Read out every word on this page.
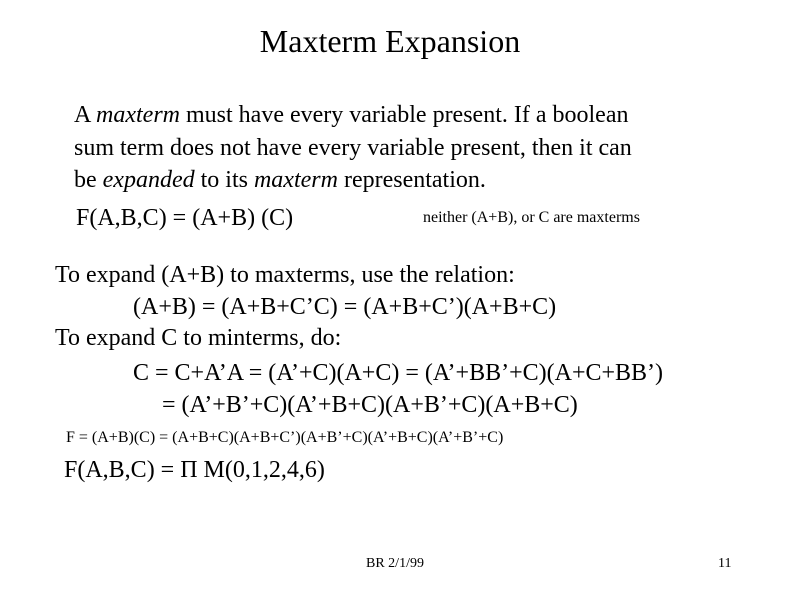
Maxterm Expansion
A maxterm must have every variable present. If a boolean
sum term does not have every variable present, then it can
be expanded to its maxterm representation.
F(A,B,C) = (A+B) (C)	neither (A+B), or C are maxterms
To expand (A+B) to maxterms, use the relation:
(A+B) = (A+B+C’C) = (A+B+C’)(A+B+C)
To expand C to minterms, do:
C = C+A’A = (A’+C)(A+C) = (A’+BB’+C)(A+C+BB’)
= (A’+B’+C)(A’+B+C)(A+B’+C)(A+B+C)
F = (A+B)(C) = (A+B+C)(A+B+C’)(A+B’+C)(A’+B+C)(A’+B’+C)
F(A,B,C) = Π M(0,1,2,4,6)
BR 2/1/99	11
